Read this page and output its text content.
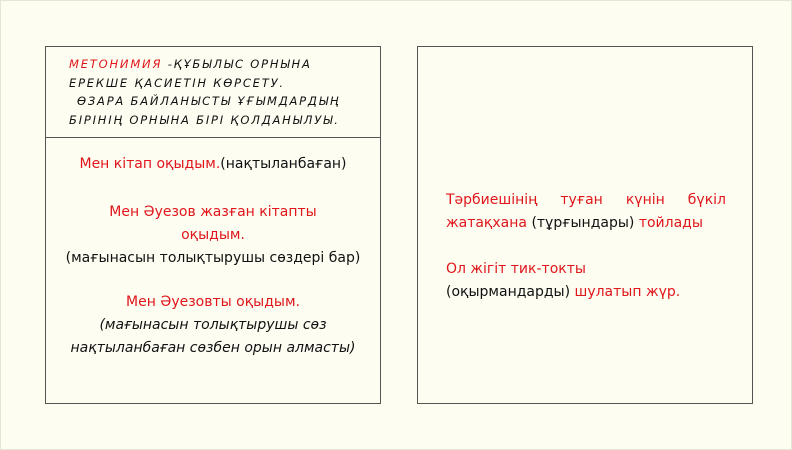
МЕТОНИМИЯ -ҚҰБЫЛЫС ОРНЫНА
ЕРЕКШЕ ҚАСИЕТІН КӨРСЕТУ.
ӨЗАРА БАЙЛАНЫСТЫ ҰҒЫМДАРДЫҢ
БІРІНІҢ ОРНЫНА БІРІ ҚОЛДАНЫЛУЫ.
Мен кітап оқыдым.(нақтыланбаған)
Мен Әуезов жазған кітапты
оқыдым.
(мағынасын толықтырушы сөздері бар)
Мен Әуезовты оқыдым.
(мағынасын толықтырушы сөз
нақтыланбаған сөзбен орын алмасты)
Тәрбиешінің туған күнін бүкіл жатақхана (тұрғындары) тойлады
Ол жігіт тик-токты
(оқырмандарды) шулатып жүр.
